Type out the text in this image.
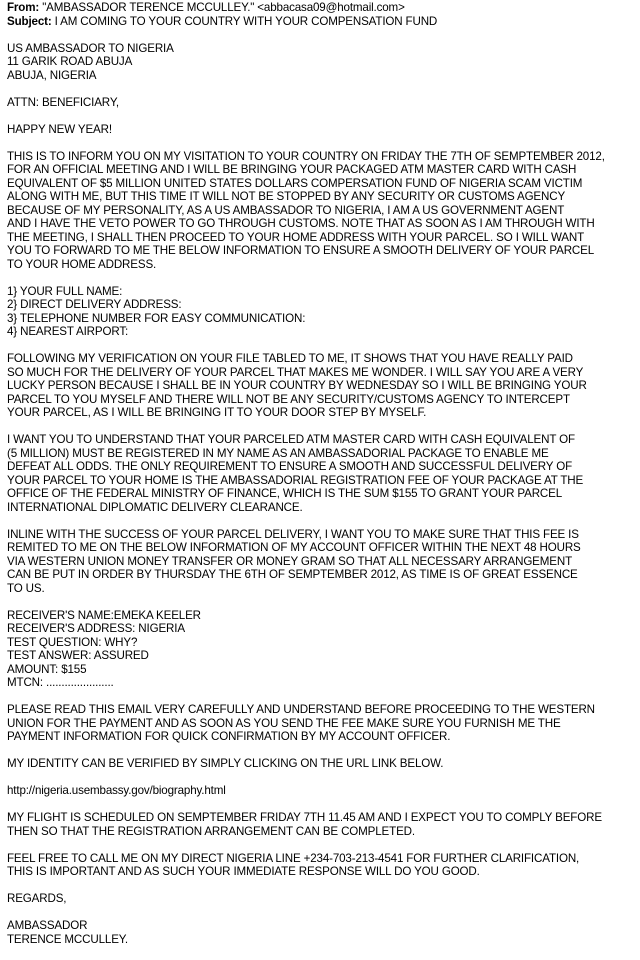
From: "AMBASSADOR TERENCE MCCULLEY." <abbacasa09@hotmail.com>
Subject: I AM COMING TO YOUR COUNTRY WITH YOUR COMPENSATION FUND
US AMBASSADOR TO NIGERIA
11 GARIK ROAD ABUJA
ABUJA, NIGERIA
ATTN: BENEFICIARY,
HAPPY NEW YEAR!
THIS IS TO INFORM YOU ON MY VISITATION TO YOUR COUNTRY ON FRIDAY THE 7TH OF SEMPTEMBER 2012,
FOR AN OFFICIAL MEETING AND I WILL BE BRINGING YOUR PACKAGED ATM MASTER CARD WITH CASH
EQUIVALENT OF $5 MILLION UNITED STATES DOLLARS COMPERSATION FUND OF NIGERIA SCAM VICTIM
ALONG WITH ME, BUT THIS TIME IT WILL NOT BE STOPPED BY ANY SECURITY OR CUSTOMS AGENCY
BECAUSE OF MY PERSONALITY, AS A US AMBASSADOR TO NIGERIA, I AM A US GOVERNMENT AGENT
AND I HAVE THE VETO POWER TO GO THROUGH CUSTOMS. NOTE THAT AS SOON AS I AM THROUGH WITH
THE MEETING, I SHALL THEN PROCEED TO YOUR HOME ADDRESS WITH YOUR PARCEL. SO I WILL WANT
YOU TO FORWARD TO ME THE BELOW INFORMATION TO ENSURE A SMOOTH DELIVERY OF YOUR PARCEL
TO YOUR HOME ADDRESS.
1} YOUR FULL NAME:
2} DIRECT DELIVERY ADDRESS:
3} TELEPHONE NUMBER FOR EASY COMMUNICATION:
4} NEAREST AIRPORT:
FOLLOWING MY VERIFICATION ON YOUR FILE TABLED TO ME, IT SHOWS THAT YOU HAVE REALLY PAID
SO MUCH FOR THE DELIVERY OF YOUR PARCEL THAT MAKES ME WONDER. I WILL SAY YOU ARE A VERY
LUCKY PERSON BECAUSE I SHALL BE IN YOUR COUNTRY BY WEDNESDAY SO I WILL BE BRINGING YOUR
PARCEL TO YOU MYSELF AND THERE WILL NOT BE ANY SECURITY/CUSTOMS AGENCY TO INTERCEPT
YOUR PARCEL, AS I WILL BE BRINGING IT TO YOUR DOOR STEP BY MYSELF.
I WANT YOU TO UNDERSTAND THAT YOUR PARCELED ATM MASTER CARD WITH CASH EQUIVALENT OF
(5 MILLION) MUST BE REGISTERED IN MY NAME AS AN AMBASSADORIAL PACKAGE TO ENABLE ME
DEFEAT ALL ODDS. THE ONLY REQUIREMENT TO ENSURE A SMOOTH AND SUCCESSFUL DELIVERY OF
YOUR PARCEL TO YOUR HOME IS THE AMBASSADORIAL REGISTRATION FEE OF YOUR PACKAGE AT THE
OFFICE OF THE FEDERAL MINISTRY OF FINANCE, WHICH IS THE SUM $155 TO GRANT YOUR PARCEL
INTERNATIONAL DIPLOMATIC DELIVERY CLEARANCE.
INLINE WITH THE SUCCESS OF YOUR PARCEL DELIVERY, I WANT YOU TO MAKE SURE THAT THIS FEE IS
REMITED TO ME ON THE BELOW INFORMATION OF MY ACCOUNT OFFICER WITHIN THE NEXT 48 HOURS
VIA WESTERN UNION MONEY TRANSFER OR MONEY GRAM SO THAT ALL NECESSARY ARRANGEMENT
CAN BE PUT IN ORDER BY THURSDAY THE 6TH OF SEMPTEMBER 2012, AS TIME IS OF GREAT ESSENCE
TO US.
RECEIVER'S NAME:EMEKA KEELER
RECEIVER'S ADDRESS: NIGERIA
TEST QUESTION: WHY?
TEST ANSWER: ASSURED
AMOUNT: $155
MTCN: ......................
PLEASE READ THIS EMAIL VERY CAREFULLY AND UNDERSTAND BEFORE PROCEEDING TO THE WESTERN
UNION FOR THE PAYMENT AND AS SOON AS YOU SEND THE FEE MAKE SURE YOU FURNISH ME THE
PAYMENT INFORMATION FOR QUICK CONFIRMATION BY MY ACCOUNT OFFICER.
MY IDENTITY CAN BE VERIFIED BY SIMPLY CLICKING ON THE URL LINK BELOW.
http://nigeria.usembassy.gov/biography.html
MY FLIGHT IS SCHEDULED ON SEMPTEMBER FRIDAY 7TH 11.45 AM AND I EXPECT YOU TO COMPLY BEFORE
THEN SO THAT THE REGISTRATION ARRANGEMENT CAN BE COMPLETED.
FEEL FREE TO CALL ME ON MY DIRECT NIGERIA LINE +234-703-213-4541 FOR FURTHER CLARIFICATION,
THIS IS IMPORTANT AND AS SUCH YOUR IMMEDIATE RESPONSE WILL DO YOU GOOD.
REGARDS,
AMBASSADOR
TERENCE MCCULLEY.
